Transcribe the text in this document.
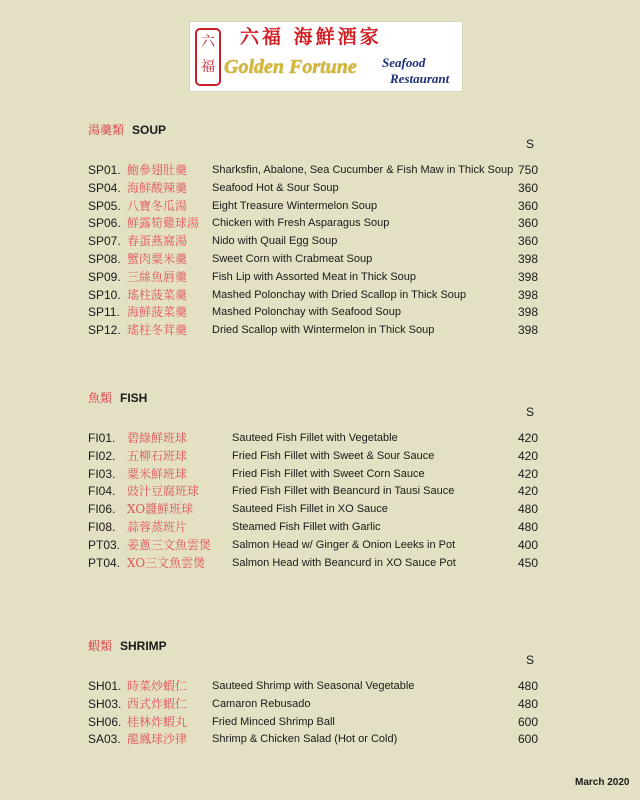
六福
六福 海鮮酒家
Golden Fortune Seafood
Restaurant
湯羹類 SOUP
S
SP01. 鮑參翅肚羹 Sharksfin, Abalone, Sea Cucumber & Fish Maw in Thick Soup 750
SP04. 海鮮酸辣羹 Seafood Hot & Sour Soup	360
SP05. 八寶冬瓜湯 Eight Treasure Wintermelon Soup	360
SP06. 鮮露筍雞球湯 Chicken with Fresh Asparagus Soup	360
SP07. 春蛋燕窩湯 Nido with Quail Egg Soup	360
SP08. 蟹肉粟米羹 Sweet Corn with Crabmeat Soup	398
SP09. 三絲魚唇羹 Fish Lip with Assorted Meat in Thick Soup	398
SP10. 瑤柱菠菜羹 Mashed Polonchay with Dried Scallop in Thick Soup	398
SP11. 海鮮菠菜羹 Mashed Polonchay with Seafood Soup	398
SP12. 瑤柱冬茸羹 Dried Scallop with Wintermelon in Thick Soup	398
魚類 FISH
S
FI01. 碧綠鮮班球	Sauteed Fish Fillet with Vegetable	420
FI02. 五柳石班球	Fried Fish Fillet with Sweet & Sour Sauce	420
FI03. 粟米鮮班球	Fried Fish Fillet with Sweet Corn Sauce	420
FI04. 豉汁豆腐班球	Fried Fish Fillet with Beancurd in Tausi Sauce	420
FI06. XO醬鮮班球	Sauteed Fish Fillet in XO Sauce	480
FI08. 蒜蓉蒸班片	Steamed Fish Fillet with Garlic	480
PT03. 姜蔥三文魚雲煲 Salmon Head w/ Ginger & Onion Leeks in Pot	400
PT04. XO三文魚雲煲 Salmon Head with Beancurd in XO Sauce Pot	450
蝦類 SHRIMP
S
SH01. 時菜炒蝦仁 Sauteed Shrimp with Seasonal Vegetable	480
SH03. 西式炸蝦仁 Camaron Rebusado	480
SH06. 桂林炸蝦丸 Fried Minced Shrimp Ball	600
SA03. 龍鳳球沙律 Shrimp & Chicken Salad (Hot or Cold)	600
March 2020
